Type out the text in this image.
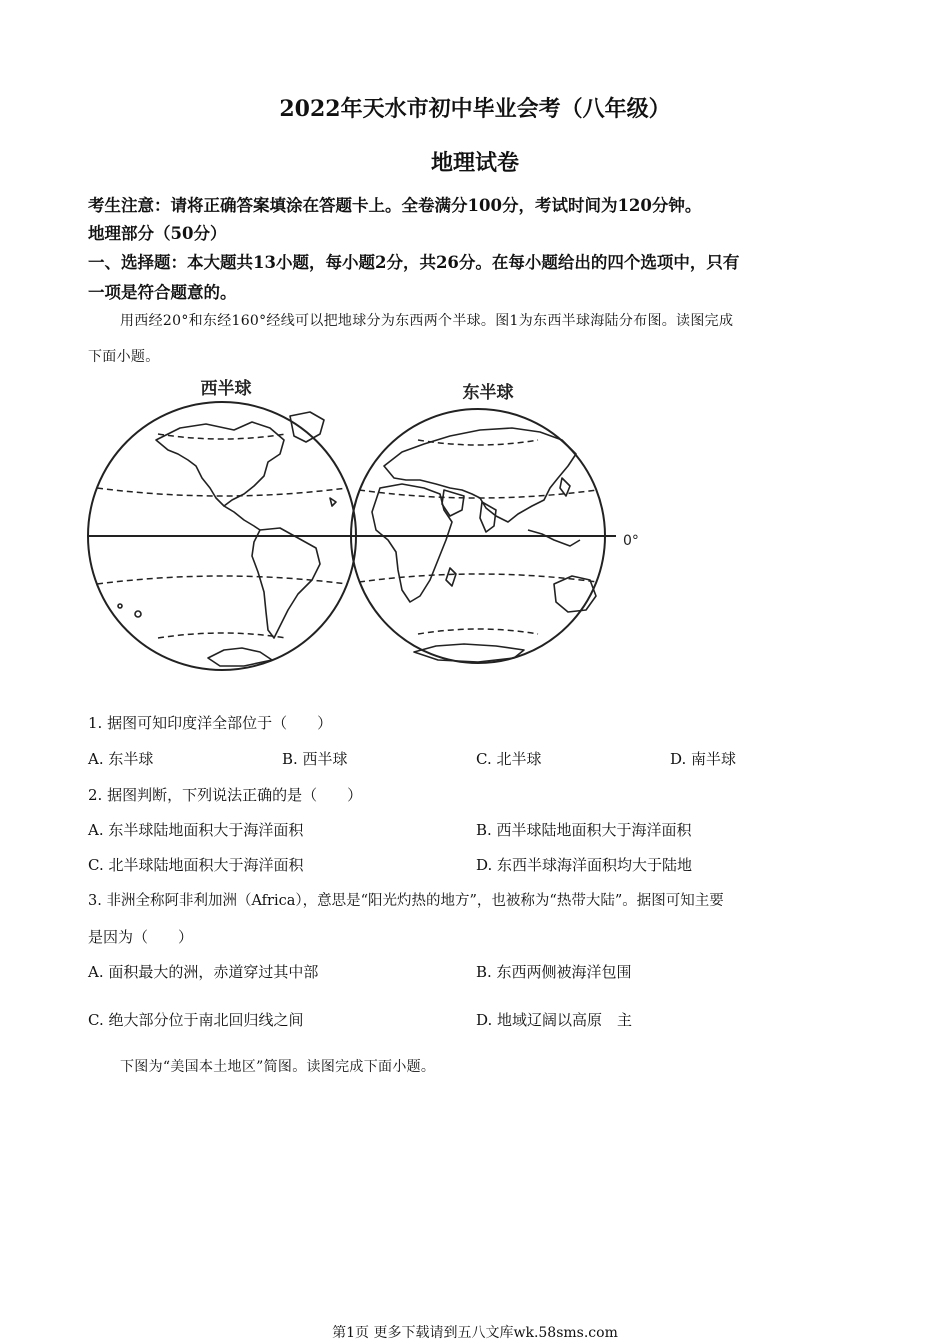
2022年天水市初中毕业会考（八年级）
地理试卷
考生注意：请将正确答案填涂在答题卡上。全卷满分100分，考试时间为120分钟。
地理部分（50分）
一、选择题：本大题共13小题，每小题2分，共26分。在每小题给出的四个选项中，只有
一项是符合题意的。
用西经20°和东经160°经线可以把地球分为东西两个半球。图1为东西半球海陆分布图。读图完成
下面小题。
西半球	东半球
0°
1. 据图可知印度洋全部位于（　　）
A. 东半球	B. 西半球	C. 北半球	D. 南半球
2. 据图判断，下列说法正确的是（　　）
A. 东半球陆地面积大于海洋面积	B. 西半球陆地面积大于海洋面积
C. 北半球陆地面积大于海洋面积	D. 东西半球海洋面积均大于陆地
3. 非洲全称阿非利加洲（Africa），意思是“阳光灼热的地方”，也被称为“热带大陆”。据图可知主要
是因为（　　）
A. 面积最大的洲，赤道穿过其中部	B. 东西两侧被海洋包围
C. 绝大部分位于南北回归线之间	D. 地域辽阔以高原　主
下图为“美国本土地区”简图。读图完成下面小题。
第1页 更多下载请到五八文库wk.58sms.com
